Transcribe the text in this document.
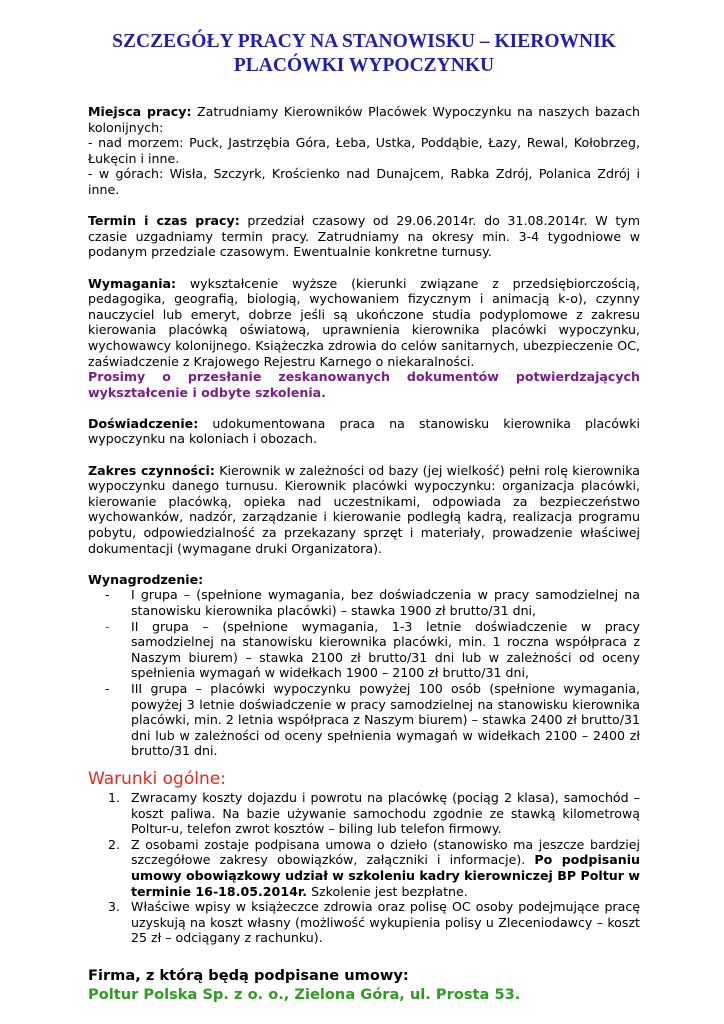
SZCZEGÓŁY PRACY NA STANOWISKU – KIEROWNIK
PLACÓWKI WYPOCZYNKU

Miejsca pracy: Zatrudniamy Kierowników Placówek Wypoczynku na naszych bazach kolonijnych:

- nad morzem: Puck, Jastrzębia Góra, Łeba, Ustka, Poddąbie, Łazy, Rewal, Kołobrzeg, Łukęcin i inne.

- w górach: Wisła, Szczyrk, Krościenko nad Dunajcem, Rabka Zdrój, Polanica Zdrój i inne.

Termin i czas pracy: przedział czasowy od 29.06.2014r. do 31.08.2014r. W tym czasie uzgadniamy termin pracy. Zatrudniamy na okresy min. 3-4 tygodniowe w podanym przedziale czasowym. Ewentualnie konkretne turnusy.

Wymagania: wykształcenie wyższe (kierunki związane z przedsiębiorczością, pedagogika, geografią, biologią, wychowaniem fizycznym i animacją k-o), czynny nauczyciel lub emeryt, dobrze jeśli są ukończone studia podyplomowe z zakresu kierowania placówką oświatową, uprawnienia kierownika placówki wypoczynku, wychowawcy kolonijnego. Książeczka zdrowia do celów sanitarnych, ubezpieczenie OC, zaświadczenie z Krajowego Rejestru Karnego o niekaralności.

Prosimy o przesłanie zeskanowanych dokumentów potwierdzających wykształcenie i odbyte szkolenia.

Doświadczenie: udokumentowana praca na stanowisku kierownika placówki wypoczynku na koloniach i obozach.

Zakres czynności: Kierownik w zależności od bazy (jej wielkość) pełni rolę kierownika wypoczynku danego turnusu. Kierownik placówki wypoczynku: organizacja placówki, kierowanie placówką, opieka nad uczestnikami, odpowiada za bezpieczeństwo wychowanków, nadzór, zarządzanie i kierowanie podległą kadrą, realizacja programu pobytu, odpowiedzialność za przekazany sprzęt i materiały, prowadzenie właściwej dokumentacji (wymagane druki Organizatora).

Wynagrodzenie:

- I grupa – (spełnione wymagania, bez doświadczenia w pracy samodzielnej na stanowisku kierownika placówki) – stawka 1900 zł brutto/31 dni,
- II grupa – (spełnione wymagania, 1-3 letnie doświadczenie w pracy samodzielnej na stanowisku kierownika placówki, min. 1 roczna współpraca z Naszym biurem) – stawka 2100 zł brutto/31 dni lub w zależności od oceny spełnienia wymagań w widełkach 1900 – 2100 zł brutto/31 dni,
- III grupa – placówki wypoczynku powyżej 100 osób (spełnione wymagania, powyżej 3 letnie doświadczenie w pracy samodzielnej na stanowisku kierownika placówki, min. 2 letnia współpraca z Naszym biurem) – stawka 2400 zł brutto/31 dni lub w zależności od oceny spełnienia wymagań w widełkach 2100 – 2400 zł brutto/31 dni.
Warunki ogólne:
1. Zwracamy koszty dojazdu i powrotu na placówkę (pociąg 2 klasa), samochód – koszt paliwa. Na bazie używanie samochodu zgodnie ze stawką kilometrową Poltur-u, telefon zwrot kosztów – biling lub telefon firmowy.
2. Z osobami zostaje podpisana umowa o dzieło (stanowisko ma jeszcze bardziej szczegółowe zakresy obowiązków, załączniki i informacje). Po podpisaniu umowy obowiązkowy udział w szkoleniu kadry kierowniczej BP Poltur w terminie 16-18.05.2014r. Szkolenie jest bezpłatne.
3. Właściwe wpisy w książeczce zdrowia oraz polisę OC osoby podejmujące pracę uzyskują na koszt własny (możliwość wykupienia polisy u Zleceniodawcy – koszt 25 zł – odciągany z rachunku).

Firma, z którą będą podpisane umowy:

Poltur Polska Sp. z o. o., Zielona Góra, ul. Prosta 53.
